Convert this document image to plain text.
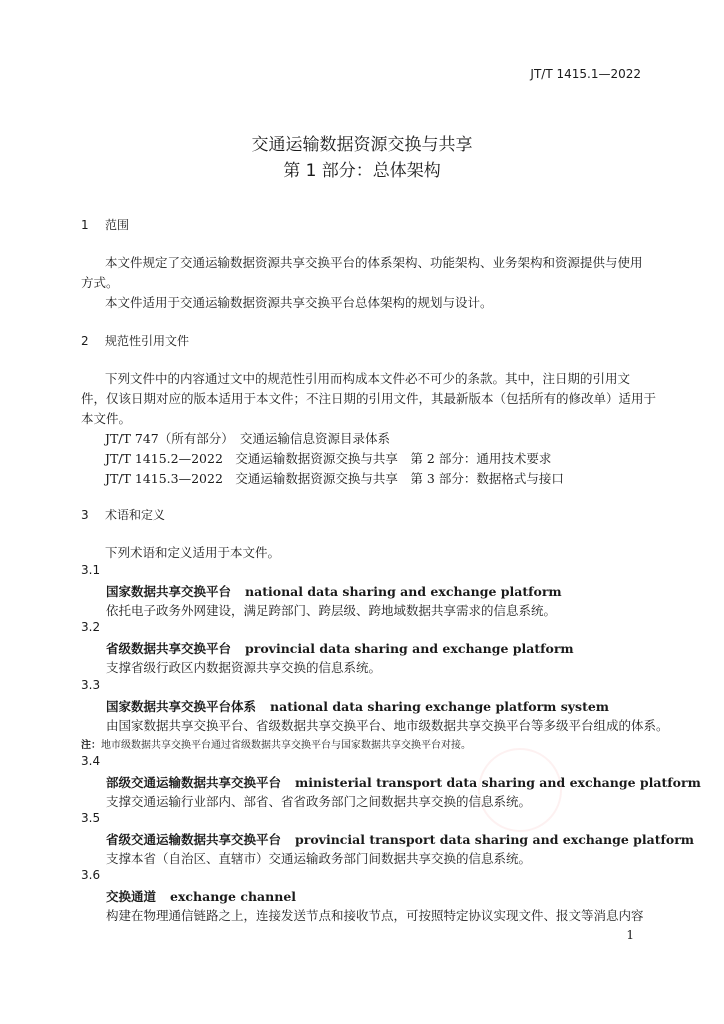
JT/T 1415.1—2022
交通运输数据资源交换与共享
第 1 部分：总体架构
1 范围
本文件规定了交通运输数据资源共享交换平台的体系架构、功能架构、业务架构和资源提供与使用
方式。
本文件适用于交通运输数据资源共享交换平台总体架构的规划与设计。
2 规范性引用文件
下列文件中的内容通过文中的规范性引用而构成本文件必不可少的条款。其中，注日期的引用文
件，仅该日期对应的版本适用于本文件；不注日期的引用文件，其最新版本（包括所有的修改单）适用于
本文件。
JT/T 747（所有部分）　交通运输信息资源目录体系
JT/T 1415.2—2022　交通运输数据资源交换与共享　第 2 部分：通用技术要求
JT/T 1415.3—2022　交通运输数据资源交换与共享　第 3 部分：数据格式与接口
3 术语和定义
下列术语和定义适用于本文件。
3.1
国家数据共享交换平台 national data sharing and exchange platform
依托电子政务外网建设，满足跨部门、跨层级、跨地域数据共享需求的信息系统。
3.2
省级数据共享交换平台 provincial data sharing and exchange platform
支撑省级行政区内数据资源共享交换的信息系统。
3.3
国家数据共享交换平台体系 national data sharing exchange platform system
由国家数据共享交换平台、省级数据共享交换平台、地市级数据共享交换平台等多级平台组成的体系。
注：地市级数据共享交换平台通过省级数据共享交换平台与国家数据共享交换平台对接。
3.4
部级交通运输数据共享交换平台 ministerial transport data sharing and exchange platform
支撑交通运输行业部内、部省、省省政务部门之间数据共享交换的信息系统。
3.5
省级交通运输数据共享交换平台 provincial transport data sharing and exchange platform
支撑本省（自治区、直辖市）交通运输政务部门间数据共享交换的信息系统。
3.6
交换通道 exchange channel
构建在物理通信链路之上，连接发送节点和接收节点，可按照特定协议实现文件、报文等消息内容
1
